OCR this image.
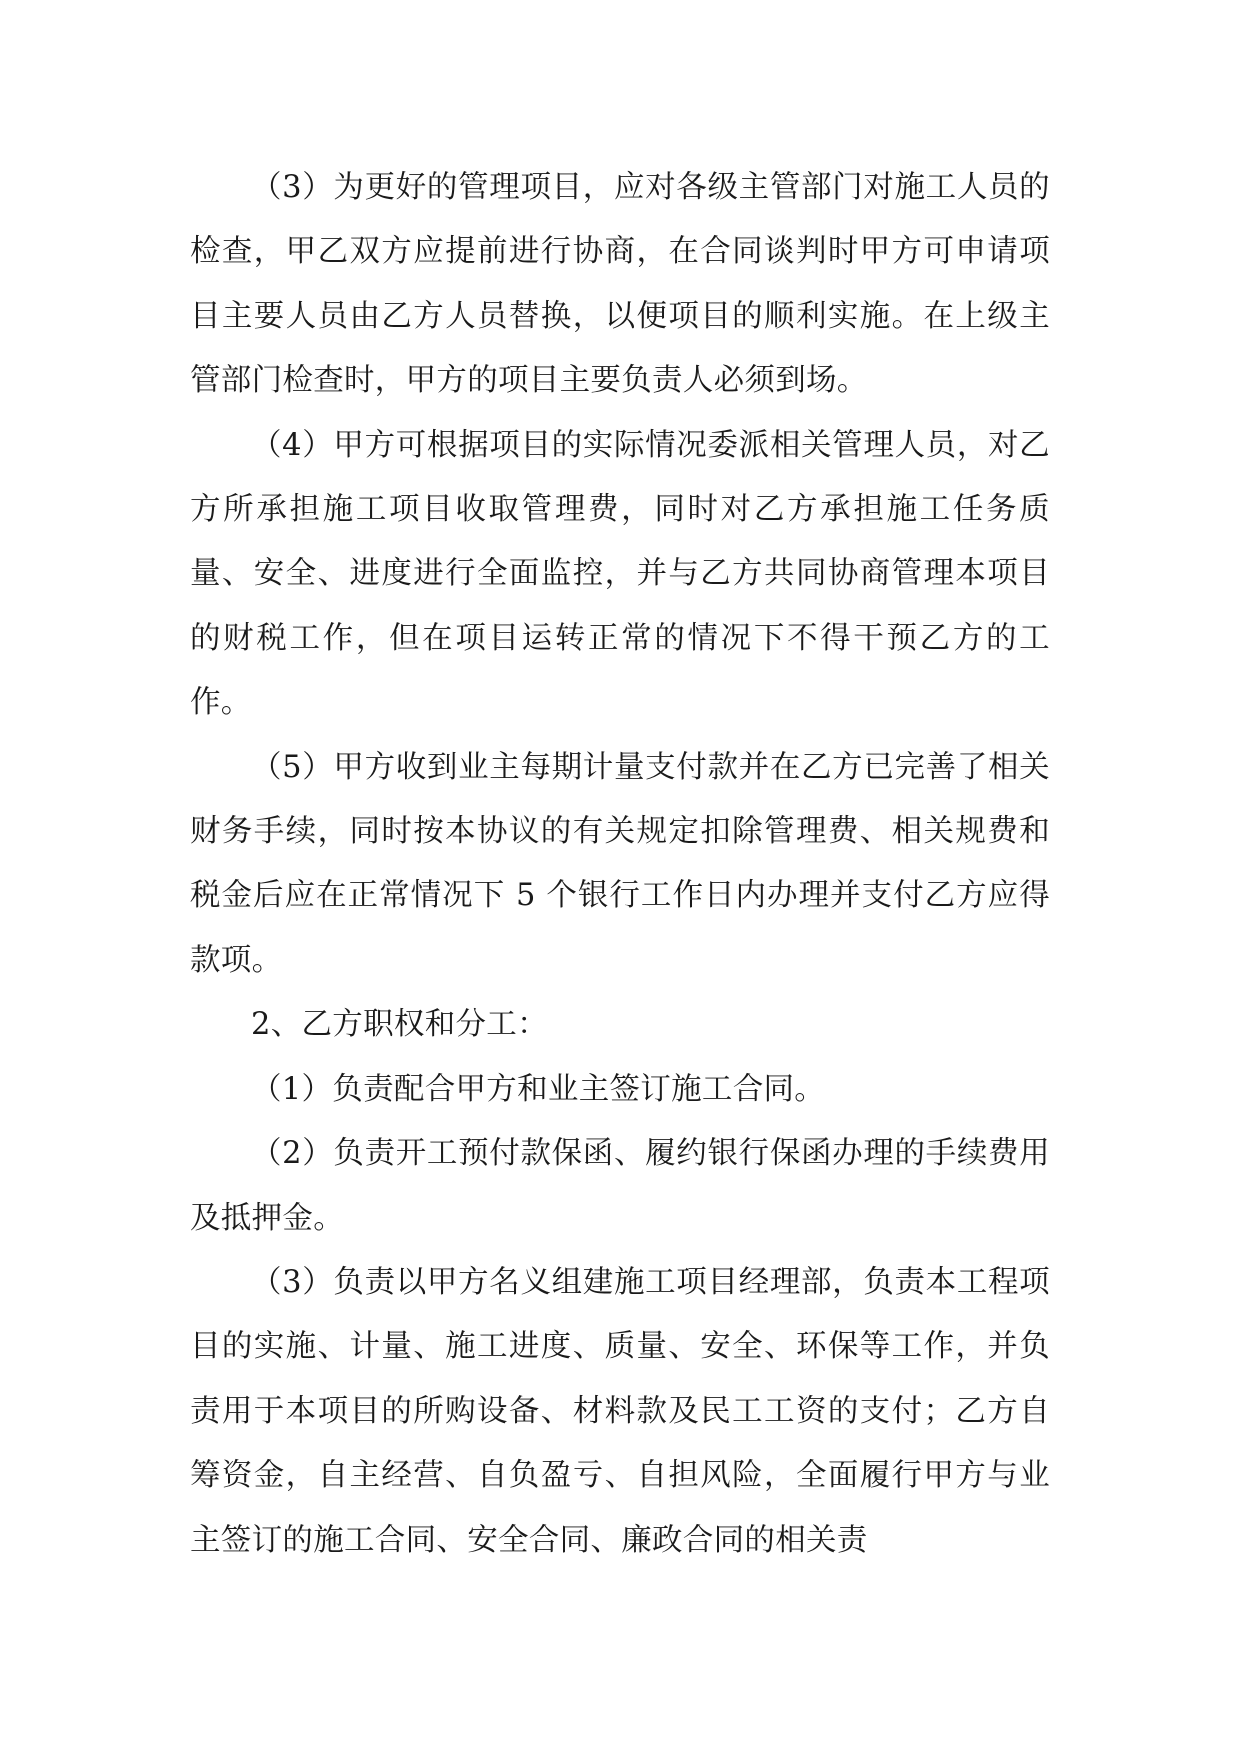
（3）为更好的管理项目，应对各级主管部门对施工人员的检查，甲乙双方应提前进行协商，在合同谈判时甲方可申请项目主要人员由乙方人员替换，以便项目的顺利实施。在上级主管部门检查时，甲方的项目主要负责人必须到场。

（4）甲方可根据项目的实际情况委派相关管理人员，对乙方所承担施工项目收取管理费，同时对乙方承担施工任务质量、安全、进度进行全面监控，并与乙方共同协商管理本项目的财税工作，但在项目运转正常的情况下不得干预乙方的工作。

（5）甲方收到业主每期计量支付款并在乙方已完善了相关财务手续，同时按本协议的有关规定扣除管理费、相关规费和税金后应在正常情况下 5 个银行工作日内办理并支付乙方应得款项。

2、乙方职权和分工：

（1）负责配合甲方和业主签订施工合同。

（2）负责开工预付款保函、履约银行保函办理的手续费用及抵押金。

（3）负责以甲方名义组建施工项目经理部，负责本工程项目的实施、计量、施工进度、质量、安全、环保等工作，并负责用于本项目的所购设备、材料款及民工工资的支付；乙方自筹资金，自主经营、自负盈亏、自担风险，全面履行甲方与业主签订的施工合同、安全合同、廉政合同的相关责
